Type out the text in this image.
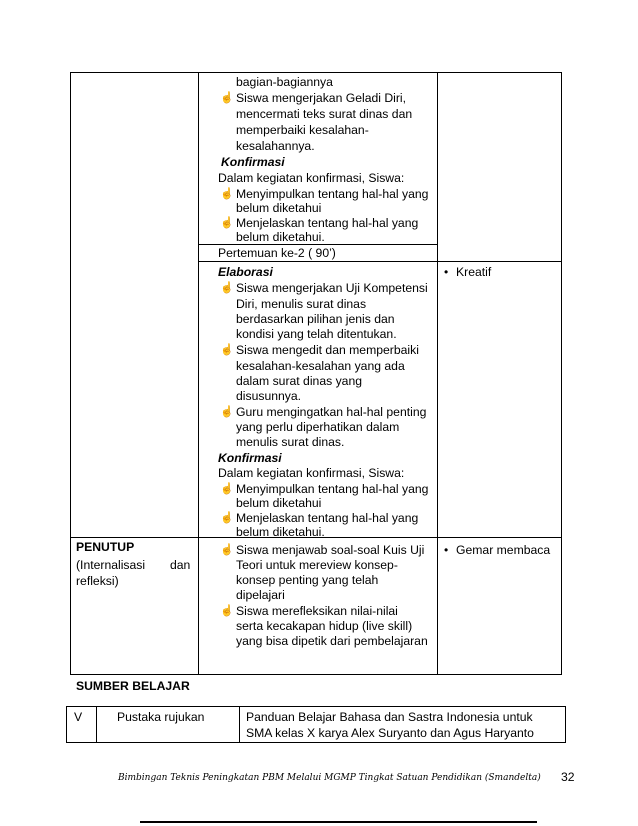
bagian-bagiannya
☝ Siswa mengerjakan Geladi Diri,
mencermati teks surat dinas dan
memperbaiki kesalahan-
kesalahannya.
Konfirmasi
Dalam kegiatan konfirmasi, Siswa:
☝ Menyimpulkan tentang hal-hal yang
belum diketahui
☝ Menjelaskan tentang hal-hal yang
belum diketahui.
Pertemuan ke-2 ( 90’)
Elaborasi
☝ Siswa mengerjakan Uji Kompetensi
Diri, menulis surat dinas
berdasarkan pilihan jenis dan
kondisi yang telah ditentukan.
☝ Siswa mengedit dan memperbaiki
kesalahan-kesalahan yang ada
dalam surat dinas yang
disusunnya.
☝ Guru mengingatkan hal-hal penting
yang perlu diperhatikan dalam
menulis surat dinas.
Konfirmasi
Dalam kegiatan konfirmasi, Siswa:
☝ Menyimpulkan tentang hal-hal yang
belum diketahui
☝ Menjelaskan tentang hal-hal yang
belum diketahui.
• Kreatif
PENUTUP
(Internalisasi dan
refleksi)
☝ Siswa menjawab soal-soal Kuis Uji
Teori untuk mereview konsep-
konsep penting yang telah
dipelajari
☝ Siswa merefleksikan nilai-nilai
serta kecakapan hidup (live skill)
yang bisa dipetik dari pembelajaran
• Gemar membaca
SUMBER BELAJAR
V	Pustaka rujukan	Panduan Belajar Bahasa dan Sastra Indonesia untuk
SMA kelas X karya Alex Suryanto dan Agus Haryanto
Bimbingan Teknis Peningkatan PBM Melalui MGMP Tingkat Satuan Pendidikan (Smandelta) 32
